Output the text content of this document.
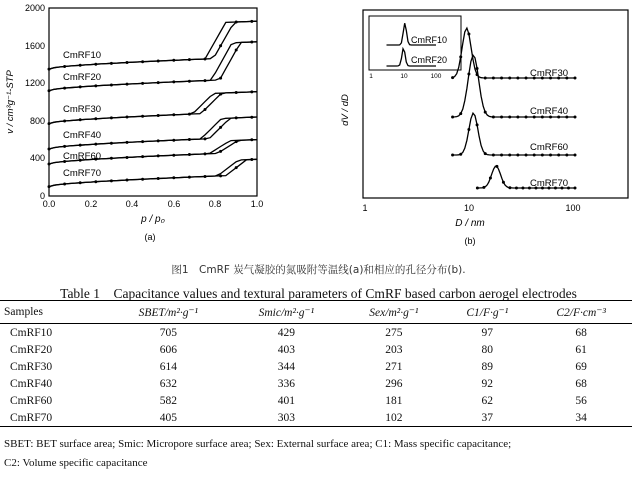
0
400
800
1200
1600
2000
0.0	0.2	0.4	0.6	0.8	1.0
v / cm³g⁻¹-STP
p / p₀
(a)
CmRF10
CmRF20
CmRF30
CmRF40
CmRF60
CmRF70
1	10	100
1	10	100
CmRF10
CmRF20
CmRF30
CmRF40
CmRF60
CmRF70
dV / dD
D / nm
(b)
图1　CmRF 炭气凝胶的氮吸附等温线(a)和相应的孔径分布(b).
Table 1　Capacitance values and textural parameters of CmRF based carbon aerogel electrodes
Samples	SBET/m²·g⁻¹	Smic/m²·g⁻¹	Sex/m²·g⁻¹	C1/F·g⁻¹	C2/F·cm⁻³
CmRF10	705	429	275	97	68
CmRF20	606	403	203	80	61
CmRF30	614	344	271	89	69
CmRF40	632	336	296	92	68
CmRF60	582	401	181	62	56
CmRF70	405	303	102	37	34
SBET: BET surface area; Smic: Micropore surface area; Sex: External surface area; C1: Mass specific capacitance;
C2: Volume specific capacitance
